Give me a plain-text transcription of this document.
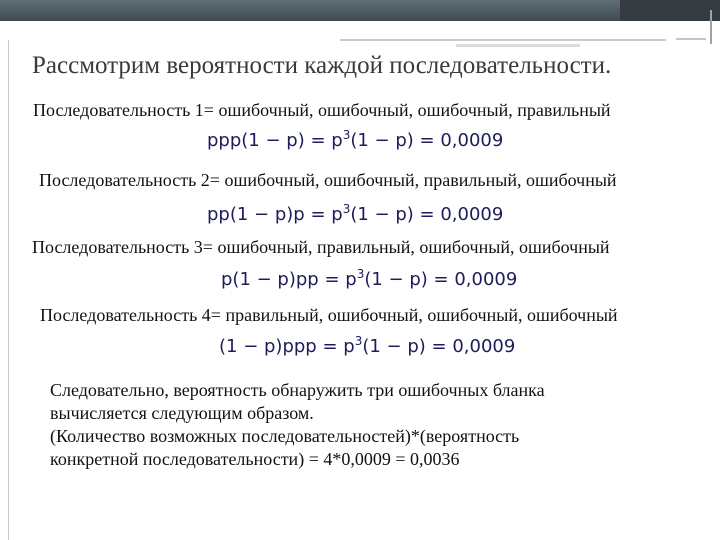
Рассмотрим вероятности каждой последовательности.
Последовательность 1= ошибочный, ошибочный, ошибочный, правильный
$ppp(1 - p) = p^3(1 - p) = 0,0009$
Последовательность 2= ошибочный, ошибочный, правильный, ошибочный
$pp(1 - p)p = p^3(1 - p) = 0,0009$
Последовательность 3= ошибочный, правильный, ошибочный, ошибочный
$p(1 - p)pp = p^3(1 - p) = 0,0009$
Последовательность 4= правильный, ошибочный, ошибочный, ошибочный
$(1 - p)ppp = p^3(1 - p) = 0,0009$
Следовательно, вероятность обнаружить три ошибочных бланка
вычисляется следующим образом.
(Количество возможных последовательностей)*(вероятность
конкретной последовательности) = 4*0,0009 = 0,0036
